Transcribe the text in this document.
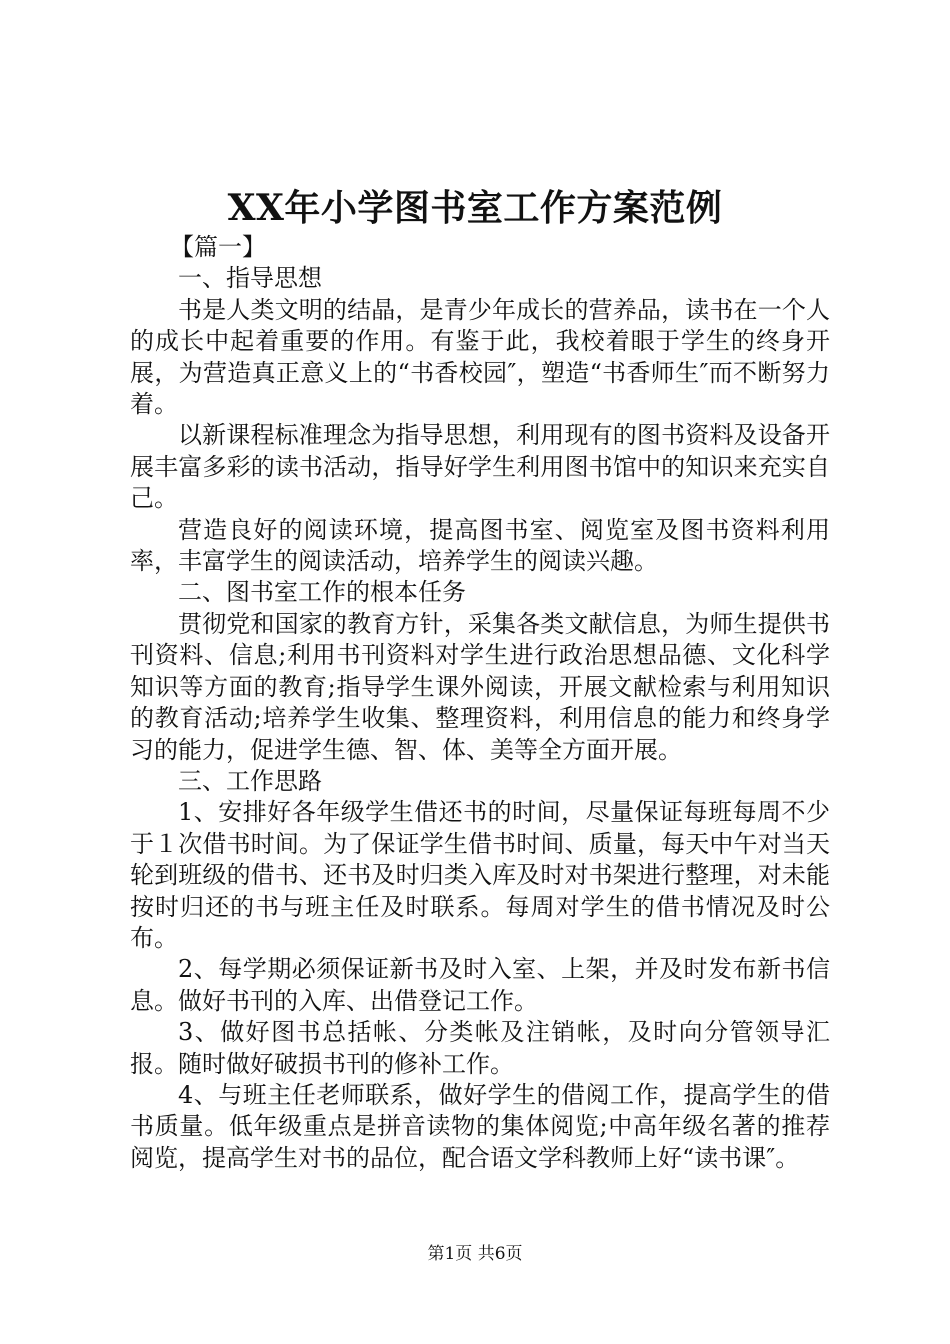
XX年小学图书室工作方案范例

【篇一】

一、指导思想

书是人类文明的结晶，是青少年成长的营养品，读书在一个人的成长中起着重要的作用。有鉴于此，我校着眼于学生的终身开展，为营造真正意义上的“书香校园″，塑造“书香师生″而不断努力着。

以新课程标准理念为指导思想，利用现有的图书资料及设备开展丰富多彩的读书活动，指导好学生利用图书馆中的知识来充实自己。

营造良好的阅读环境，提高图书室、阅览室及图书资料利用率，丰富学生的阅读活动，培养学生的阅读兴趣。

二、图书室工作的根本任务

贯彻党和国家的教育方针，采集各类文献信息，为师生提供书刊资料、信息;利用书刊资料对学生进行政治思想品德、文化科学知识等方面的教育;指导学生课外阅读，开展文献检索与利用知识的教育活动;培养学生收集、整理资料，利用信息的能力和终身学习的能力，促进学生德、智、体、美等全方面开展。

三、工作思路

1、安排好各年级学生借还书的时间，尽量保证每班每周不少于１次借书时间。为了保证学生借书时间、质量，每天中午对当天轮到班级的借书、还书及时归类入库及时对书架进行整理，对未能按时归还的书与班主任及时联系。每周对学生的借书情况及时公布。

2、每学期必须保证新书及时入室、上架，并及时发布新书信息。做好书刊的入库、出借登记工作。

3、做好图书总括帐、分类帐及注销帐，及时向分管领导汇报。随时做好破损书刊的修补工作。

4、与班主任老师联系，做好学生的借阅工作，提高学生的借书质量。低年级重点是拼音读物的集体阅览;中高年级名著的推荐阅览，提高学生对书的品位，配合语文学科教师上好“读书课″。

第1页 共6页
